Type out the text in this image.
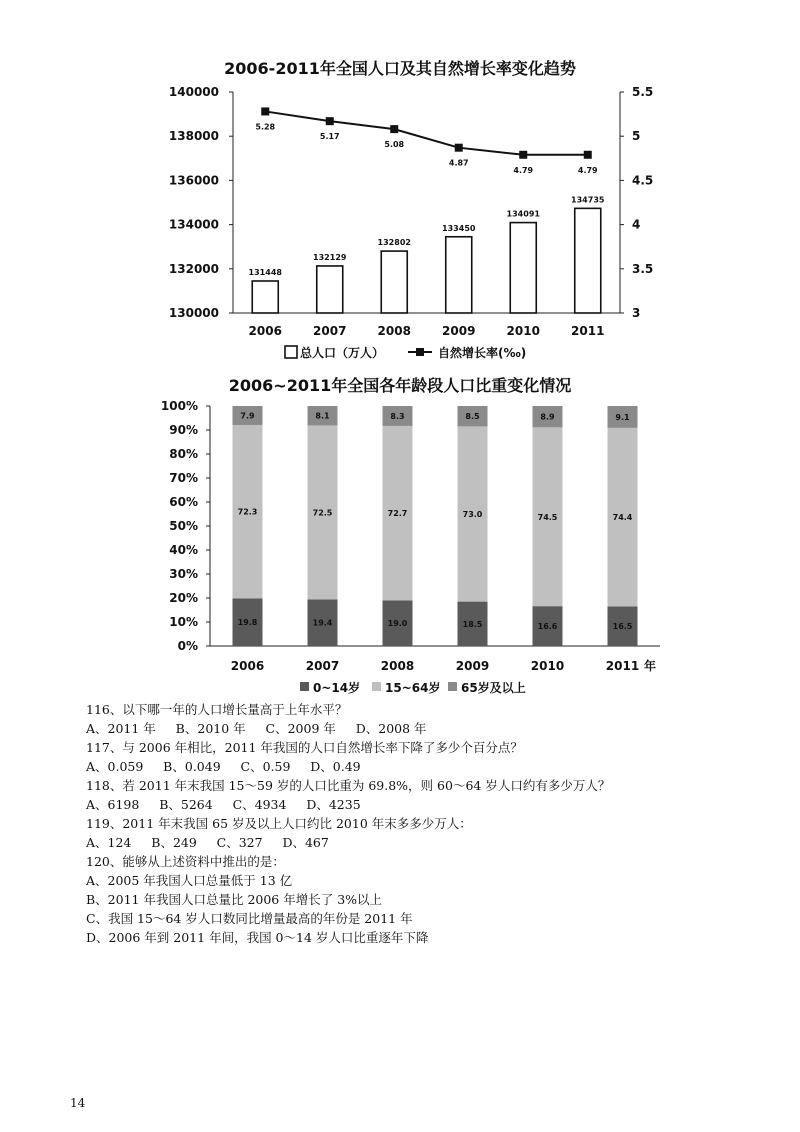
2006-2011年全国人口及其自然增长率变化趋势
130000
132000
134000
136000
138000
140000
3
3.5
4
4.5
5
5.5
131448
2006
132129
2007
132802
2008
133450
2009
134091
2010
134735
2011
5.28
5.17
5.08
4.87
4.79	4.79
总人口（万人）	自然增长率(‰)
2006~2011年全国各年龄段人口比重变化情况
0%
10%
20%
30%
40%
50%
60%
70%
80%
90%
100%
19.8
72.3
7.9
2006
19.4
72.5
8.1
2007
19.0
72.7
8.3
2008
18.5
73.0
8.5
2009
16.6
74.5
8.9
2010
16.5
74.4
9.1
2011 年
0~14岁 15~64岁 65岁及以上
116、以下哪一年的人口增长量高于上年水平？
A、2011 年     B、2010 年     C、2009 年     D、2008 年
117、与 2006 年相比，2011 年我国的人口自然增长率下降了多少个百分点？
A、0.059     B、0.049     C、0.59     D、0.49
118、若 2011 年末我国 15～59 岁的人口比重为 69.8%，则 60～64 岁人口约有多少万人？
A、6198     B、5264     C、4934     D、4235
119、2011 年末我国 65 岁及以上人口约比 2010 年末多多少万人：
A、124     B、249     C、327     D、467
120、能够从上述资料中推出的是：
A、2005 年我国人口总量低于 13 亿
B、2011 年我国人口总量比 2006 年增长了 3%以上
C、我国 15～64 岁人口数同比增量最高的年份是 2011 年
D、2006 年到 2011 年间，我国 0～14 岁人口比重逐年下降
14
